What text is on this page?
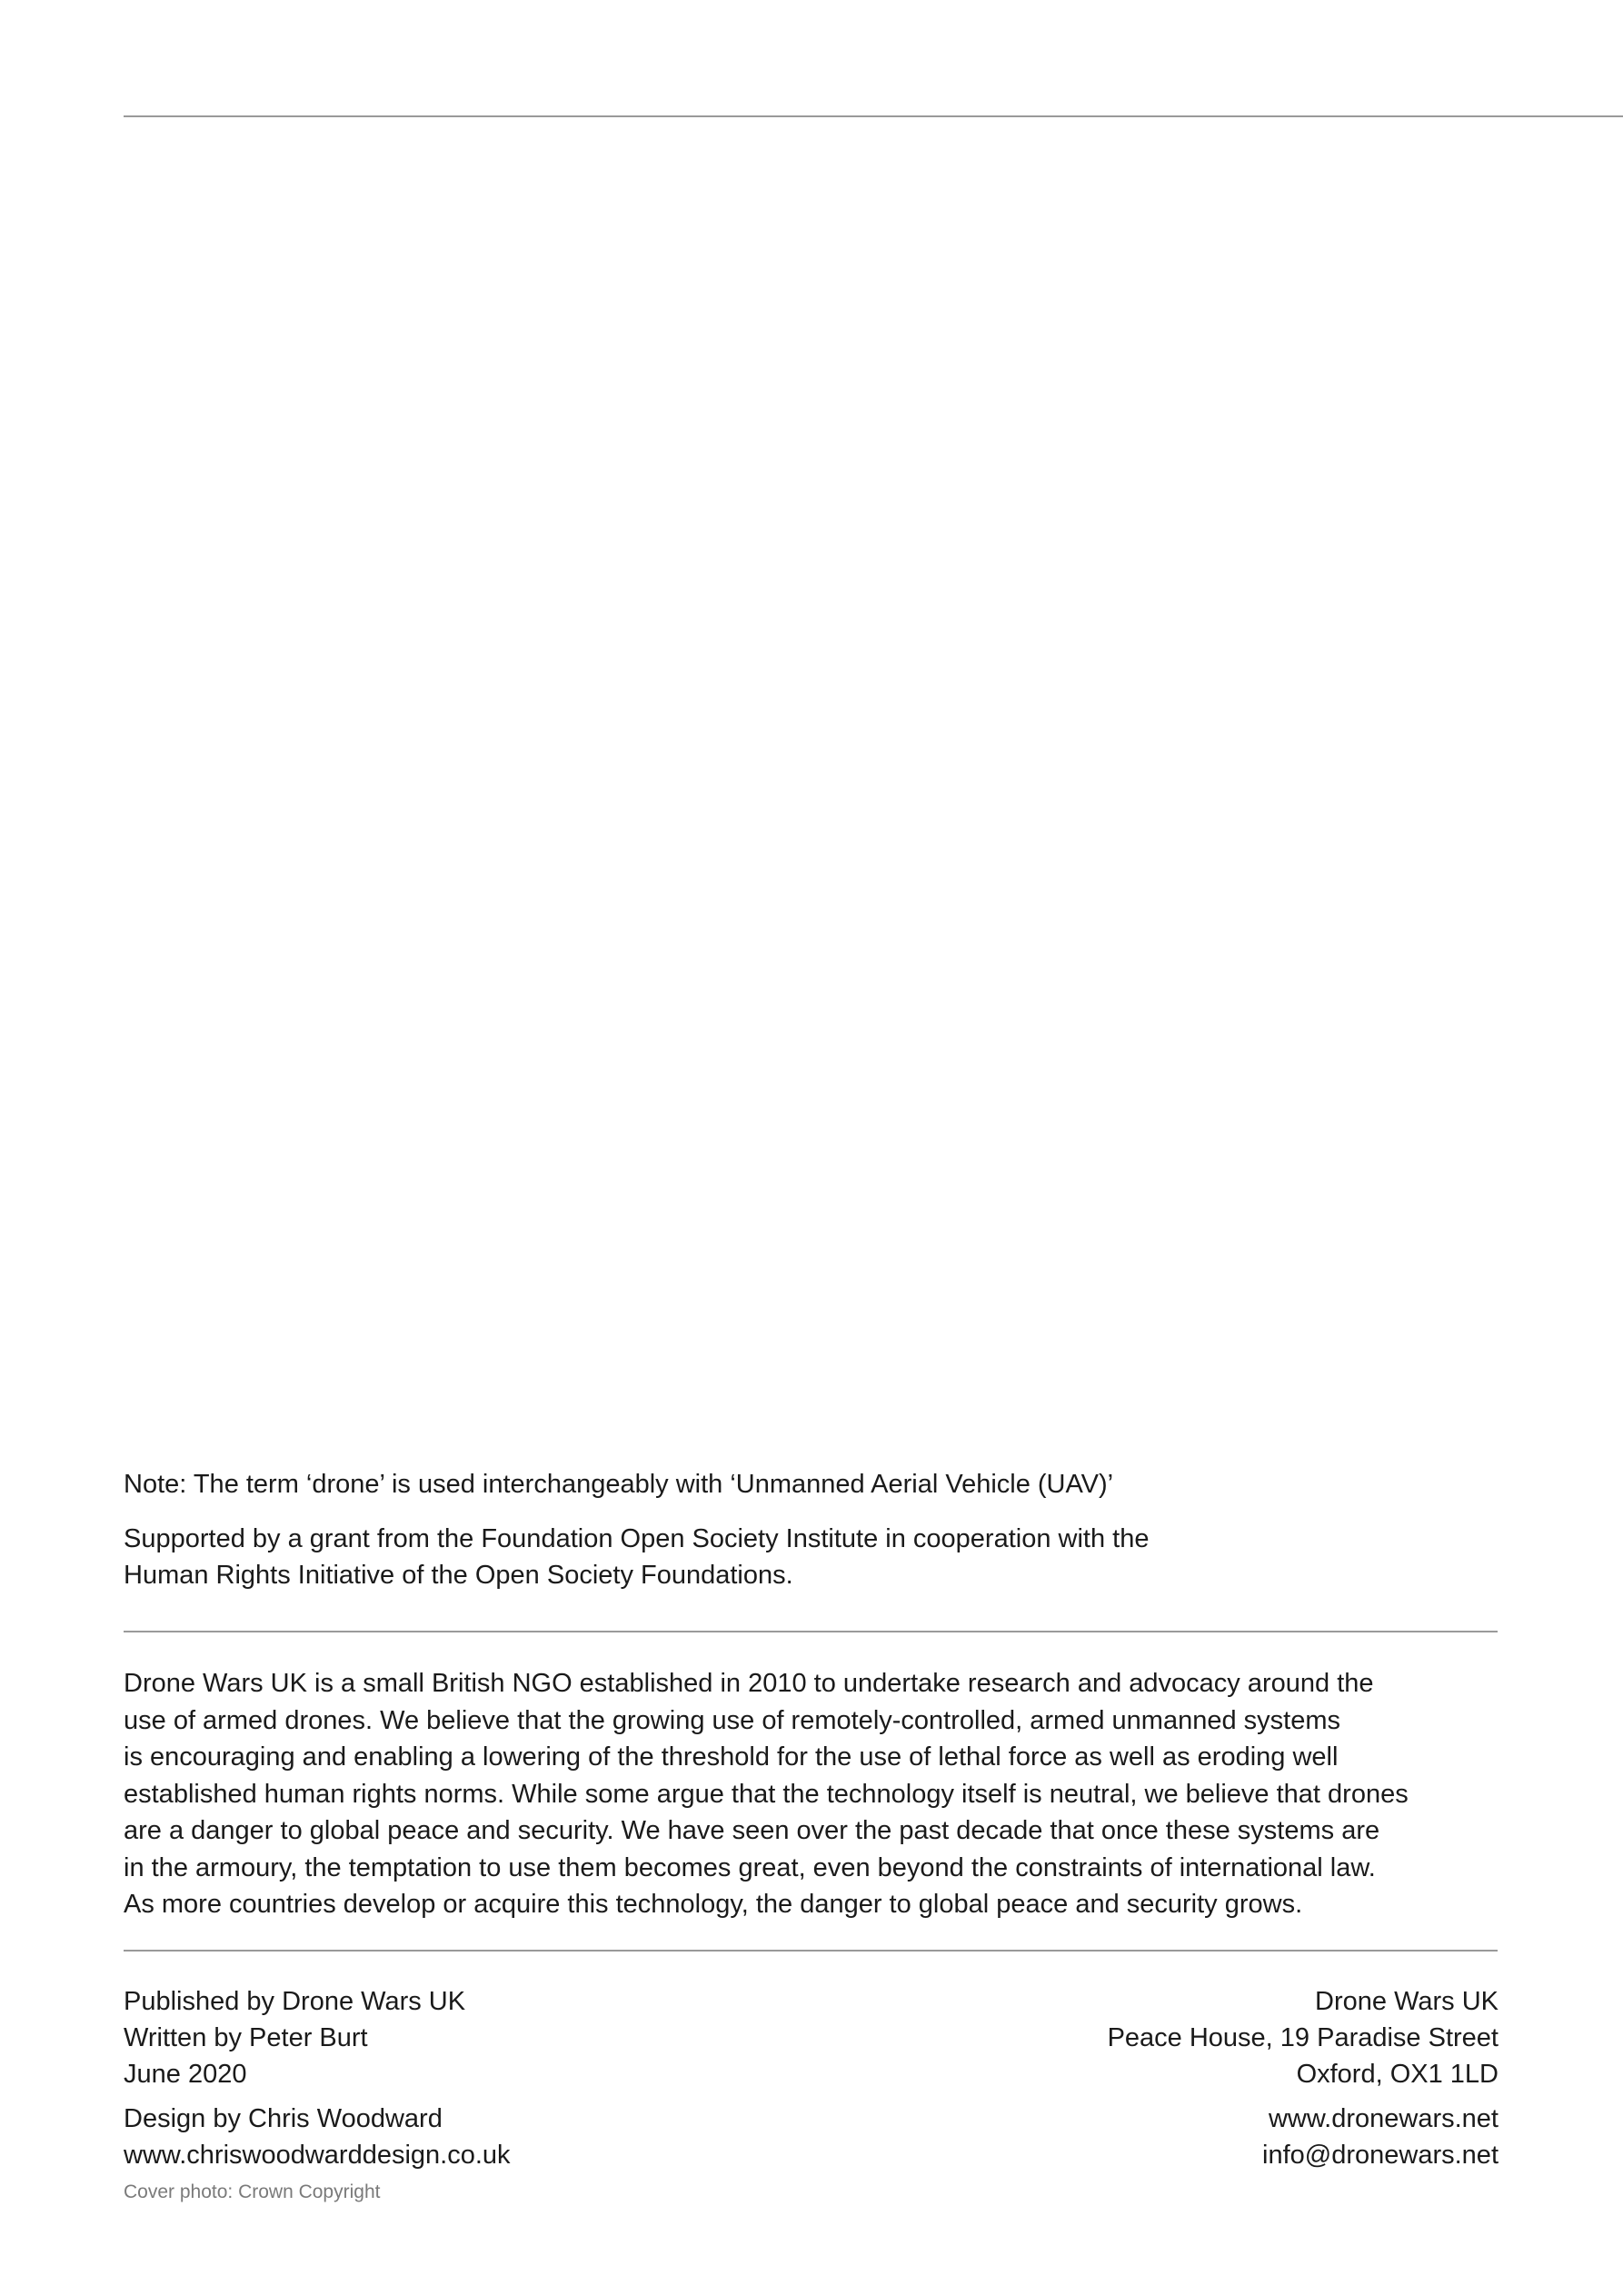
Note: The term ‘drone’ is used interchangeably with ‘Unmanned Aerial Vehicle (UAV)’

Supported by a grant from the Foundation Open Society Institute in cooperation with the

Human Rights Initiative of the Open Society Foundations.

Drone Wars UK is a small British NGO established in 2010 to undertake research and advocacy around the

use of armed drones. We believe that the growing use of remotely-controlled, armed unmanned systems

is encouraging and enabling a lowering of the threshold for the use of lethal force as well as eroding well

established human rights norms. While some argue that the technology itself is neutral, we believe that drones

are a danger to global peace and security. We have seen over the past decade that once these systems are

in the armoury, the temptation to use them becomes great, even beyond the constraints of international law.

As more countries develop or acquire this technology, the danger to global peace and security grows.

Published by Drone Wars UK
Written by Peter Burt
June 2020
Design by Chris Woodward
www.chriswoodwarddesign.co.uk
Cover photo: Crown Copyright
Drone Wars UK
Peace House, 19 Paradise Street
Oxford, OX1 1LD
www.dronewars.net
info@dronewars.net
